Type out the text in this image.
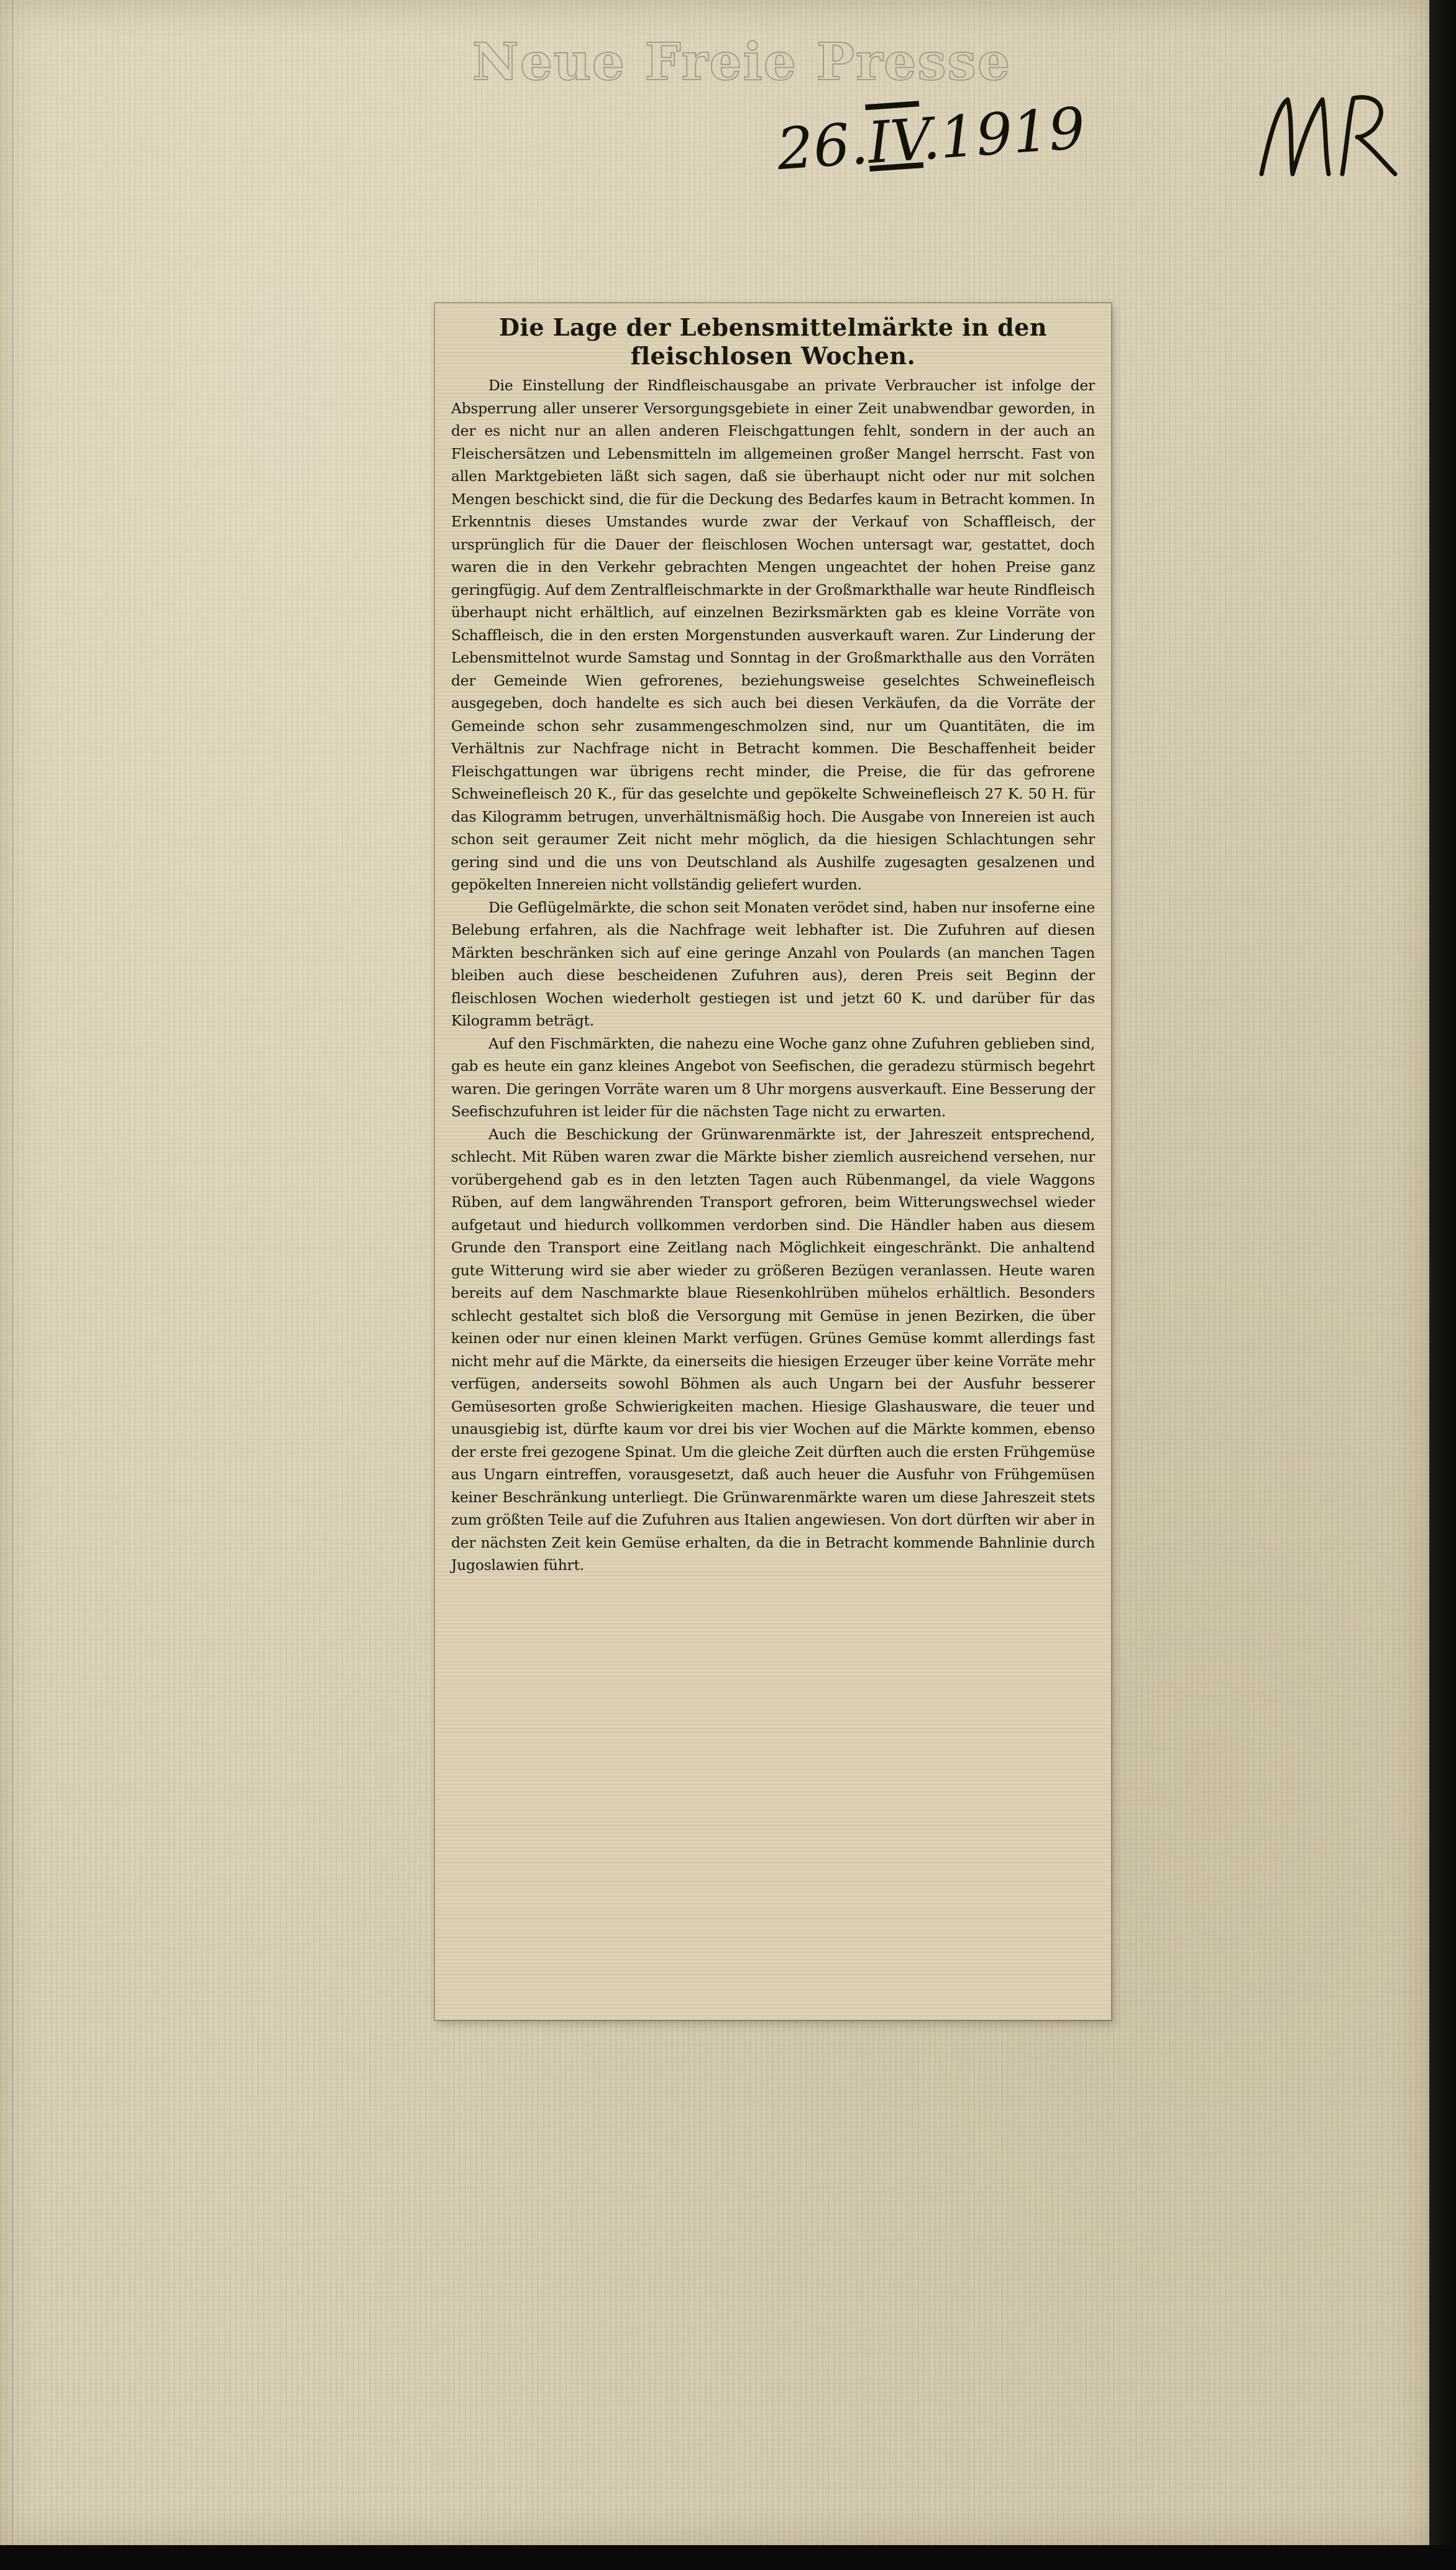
Neue Freie Presse
26.IV.1919
Die Lage der Lebensmittelmärkte in den fleischlosen Wochen.

Die Einstellung der Rindfleischausgabe an private Verbraucher ist infolge der Absperrung aller unserer Versorgungsgebiete in einer Zeit unabwendbar geworden, in der es nicht nur an allen anderen Fleischgattungen fehlt, sondern in der auch an Fleischersätzen und Lebensmitteln im allgemeinen großer Mangel herrscht. Fast von allen Marktgebieten läßt sich sagen, daß sie überhaupt nicht oder nur mit solchen Mengen beschickt sind, die für die Deckung des Bedarfes kaum in Betracht kommen. In Erkenntnis dieses Umstandes wurde zwar der Verkauf von Schaffleisch, der ursprünglich für die Dauer der fleischlosen Wochen untersagt war, gestattet, doch waren die in den Verkehr gebrachten Mengen ungeachtet der hohen Preise ganz geringfügig. Auf dem Zentralfleischmarkte in der Großmarkthalle war heute Rindfleisch überhaupt nicht erhältlich, auf einzelnen Bezirksmärkten gab es kleine Vorräte von Schaffleisch, die in den ersten Morgenstunden ausverkauft waren. Zur Linderung der Lebensmittelnot wurde Samstag und Sonntag in der Großmarkthalle aus den Vorräten der Gemeinde Wien gefrorenes, beziehungsweise geselchtes Schweinefleisch ausgegeben, doch handelte es sich auch bei diesen Verkäufen, da die Vorräte der Gemeinde schon sehr zusammengeschmolzen sind, nur um Quantitäten, die im Verhältnis zur Nachfrage nicht in Betracht kommen. Die Beschaffenheit beider Fleischgattungen war übrigens recht minder, die Preise, die für das gefrorene Schweinefleisch 20 K., für das geselchte und gepökelte Schweinefleisch 27 K. 50 H. für das Kilogramm betrugen, unverhältnismäßig hoch. Die Ausgabe von Innereien ist auch schon seit geraumer Zeit nicht mehr möglich, da die hiesigen Schlachtungen sehr gering sind und die uns von Deutschland als Aushilfe zugesagten gesalzenen und gepökelten Innereien nicht vollständig geliefert wurden.

Die Geflügelmärkte, die schon seit Monaten verödet sind, haben nur insoferne eine Belebung erfahren, als die Nachfrage weit lebhafter ist. Die Zufuhren auf diesen Märkten beschränken sich auf eine geringe Anzahl von Poulards (an manchen Tagen bleiben auch diese bescheidenen Zufuhren aus), deren Preis seit Beginn der fleischlosen Wochen wiederholt gestiegen ist und jetzt 60 K. und darüber für das Kilogramm beträgt.

Auf den Fischmärkten, die nahezu eine Woche ganz ohne Zufuhren geblieben sind, gab es heute ein ganz kleines Angebot von Seefischen, die geradezu stürmisch begehrt waren. Die geringen Vorräte waren um 8 Uhr morgens ausverkauft. Eine Besserung der Seefischzufuhren ist leider für die nächsten Tage nicht zu erwarten.

Auch die Beschickung der Grünwarenmärkte ist, der Jahreszeit entsprechend, schlecht. Mit Rüben waren zwar die Märkte bisher ziemlich ausreichend versehen, nur vorübergehend gab es in den letzten Tagen auch Rübenmangel, da viele Waggons Rüben, auf dem langwährenden Transport gefroren, beim Witterungswechsel wieder aufgetaut und hiedurch vollkommen verdorben sind. Die Händler haben aus diesem Grunde den Transport eine Zeitlang nach Möglichkeit eingeschränkt. Die anhaltend gute Witterung wird sie aber wieder zu größeren Bezügen veranlassen. Heute waren bereits auf dem Naschmarkte blaue Riesenkohlrüben mühelos erhältlich. Besonders schlecht gestaltet sich bloß die Versorgung mit Gemüse in jenen Bezirken, die über keinen oder nur einen kleinen Markt verfügen. Grünes Gemüse kommt allerdings fast nicht mehr auf die Märkte, da einerseits die hiesigen Erzeuger über keine Vorräte mehr verfügen, anderseits sowohl Böhmen als auch Ungarn bei der Ausfuhr besserer Gemüsesorten große Schwierigkeiten machen. Hiesige Glashausware, die teuer und unausgiebig ist, dürfte kaum vor drei bis vier Wochen auf die Märkte kommen, ebenso der erste frei gezogene Spinat. Um die gleiche Zeit dürften auch die ersten Frühgemüse aus Ungarn eintreffen, vorausgesetzt, daß auch heuer die Ausfuhr von Frühgemüsen keiner Beschränkung unterliegt. Die Grünwarenmärkte waren um diese Jahreszeit stets zum größten Teile auf die Zufuhren aus Italien angewiesen. Von dort dürften wir aber in der nächsten Zeit kein Gemüse erhalten, da die in Betracht kommende Bahnlinie durch Jugoslawien führt.
